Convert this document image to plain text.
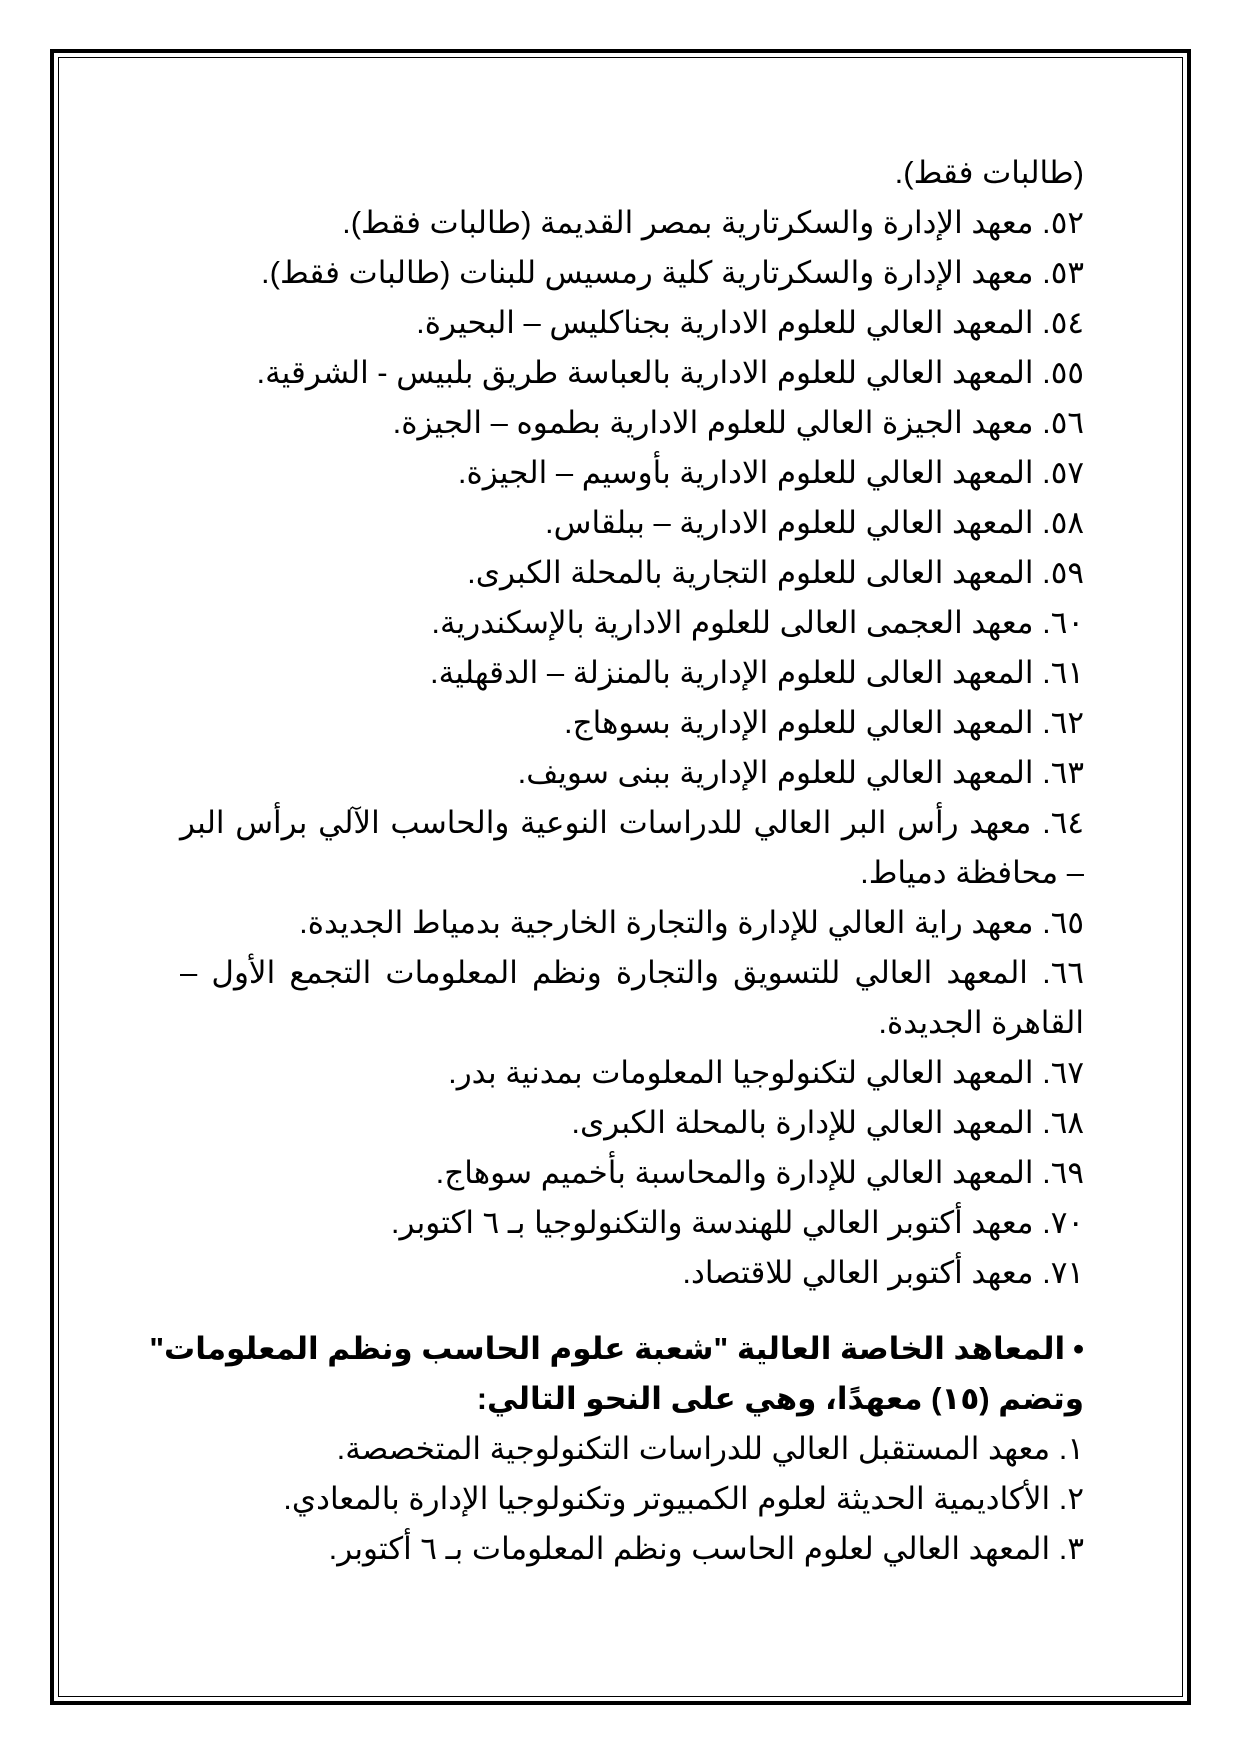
(طالبات فقط).
٥٢. معهد الإدارة والسكرتارية بمصر القديمة (طالبات فقط).
٥٣. معهد الإدارة والسكرتارية كلية رمسيس للبنات (طالبات فقط).
٥٤. المعهد العالي للعلوم الادارية بجناكليس – البحيرة.
٥٥. المعهد العالي للعلوم الادارية بالعباسة طريق بلبيس - الشرقية.
٥٦. معهد الجيزة العالي للعلوم الادارية بطموه – الجيزة.
٥٧. المعهد العالي للعلوم الادارية بأوسيم – الجيزة.
٥٨. المعهد العالي للعلوم الادارية – ببلقاس.
٥٩. المعهد العالى للعلوم التجارية بالمحلة الكبرى.
٦٠. معهد العجمى العالى للعلوم الادارية بالإسكندرية.
٦١. المعهد العالى للعلوم الإدارية بالمنزلة – الدقهلية.
٦٢. المعهد العالي للعلوم الإدارية بسوهاج.
٦٣. المعهد العالي للعلوم الإدارية ببنى سويف.
٦٤. معهد رأس البر العالي للدراسات النوعية والحاسب الآلي برأس البر – محافظة دمياط.
٦٥. معهد راية العالي للإدارة والتجارة الخارجية بدمياط الجديدة.
٦٦. المعهد العالي للتسويق والتجارة ونظم المعلومات التجمع الأول – القاهرة الجديدة.
٦٧. المعهد العالي لتكنولوجيا المعلومات بمدنية بدر.
٦٨. المعهد العالي للإدارة بالمحلة الكبرى.
٦٩. المعهد العالي للإدارة والمحاسبة بأخميم سوهاج.
٧٠. معهد أكتوبر العالي للهندسة والتكنولوجيا بـ ٦ اكتوبر.
٧١. معهد أكتوبر العالي للاقتصاد.
•المعاهد الخاصة العالية "شعبة علوم الحاسب ونظم المعلومات"
وتضم (١٥) معهدًا، وهي على النحو التالي:
١. معهد المستقبل العالي للدراسات التكنولوجية المتخصصة.
٢. الأكاديمية الحديثة لعلوم الكمبيوتر وتكنولوجيا الإدارة بالمعادي.
٣. المعهد العالي لعلوم الحاسب ونظم المعلومات بـ ٦ أكتوبر.
